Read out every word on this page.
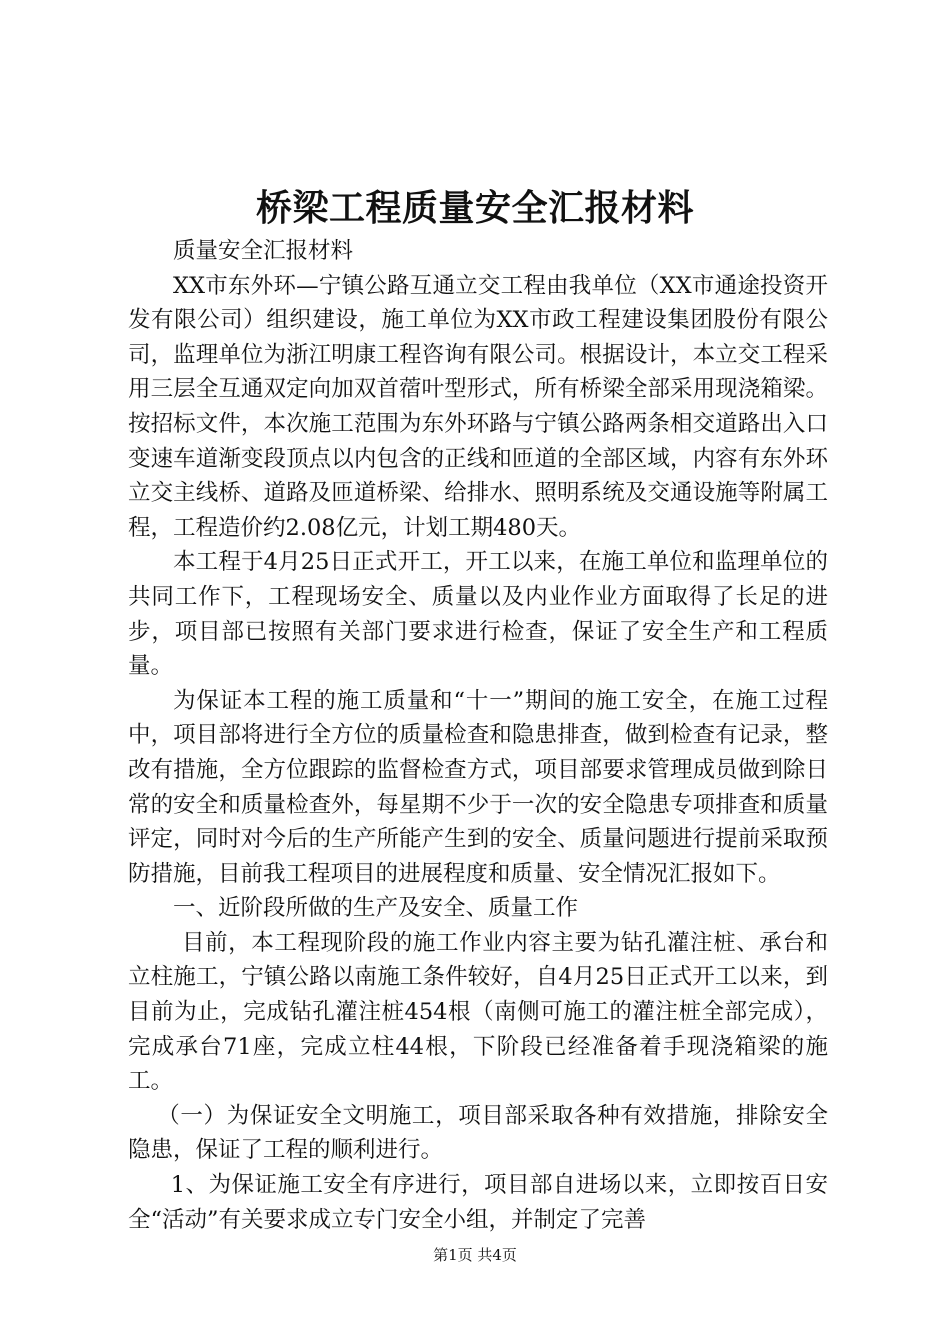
桥梁工程质量安全汇报材料

质量安全汇报材料

XX市东外环—宁镇公路互通立交工程由我单位（XX市通途投资开发有限公司）组织建设，施工单位为XX市政工程建设集团股份有限公司，监理单位为浙江明康工程咨询有限公司。根据设计，本立交工程采用三层全互通双定向加双首蓿叶型形式，所有桥梁全部采用现浇箱梁。按招标文件，本次施工范围为东外环路与宁镇公路两条相交道路出入口变速车道渐变段顶点以内包含的正线和匝道的全部区域，内容有东外环立交主线桥、道路及匝道桥梁、给排水、照明系统及交通设施等附属工程，工程造价约2.08亿元，计划工期480天。

本工程于4月25日正式开工，开工以来，在施工单位和监理单位的共同工作下，工程现场安全、质量以及内业作业方面取得了长足的进步，项目部已按照有关部门要求进行检查，保证了安全生产和工程质量。

为保证本工程的施工质量和“十一”期间的施工安全，在施工过程中，项目部将进行全方位的质量检查和隐患排查，做到检查有记录，整改有措施，全方位跟踪的监督检查方式，项目部要求管理成员做到除日常的安全和质量检查外，每星期不少于一次的安全隐患专项排查和质量评定，同时对今后的生产所能产生到的安全、质量问题进行提前采取预防措施，目前我工程项目的进展程度和质量、安全情况汇报如下。

一、近阶段所做的生产及安全、质量工作

目前，本工程现阶段的施工作业内容主要为钻孔灌注桩、承台和立柱施工，宁镇公路以南施工条件较好，自4月25日正式开工以来，到目前为止，完成钻孔灌注桩454根（南侧可施工的灌注桩全部完成），完成承台71座，完成立柱44根，下阶段已经准备着手现浇箱梁的施工。

（一）为保证安全文明施工，项目部采取各种有效措施，排除安全隐患，保证了工程的顺利进行。

1、为保证施工安全有序进行，项目部自进场以来，立即按百日安全“活动”有关要求成立专门安全小组，并制定了完善

第1页 共4页
